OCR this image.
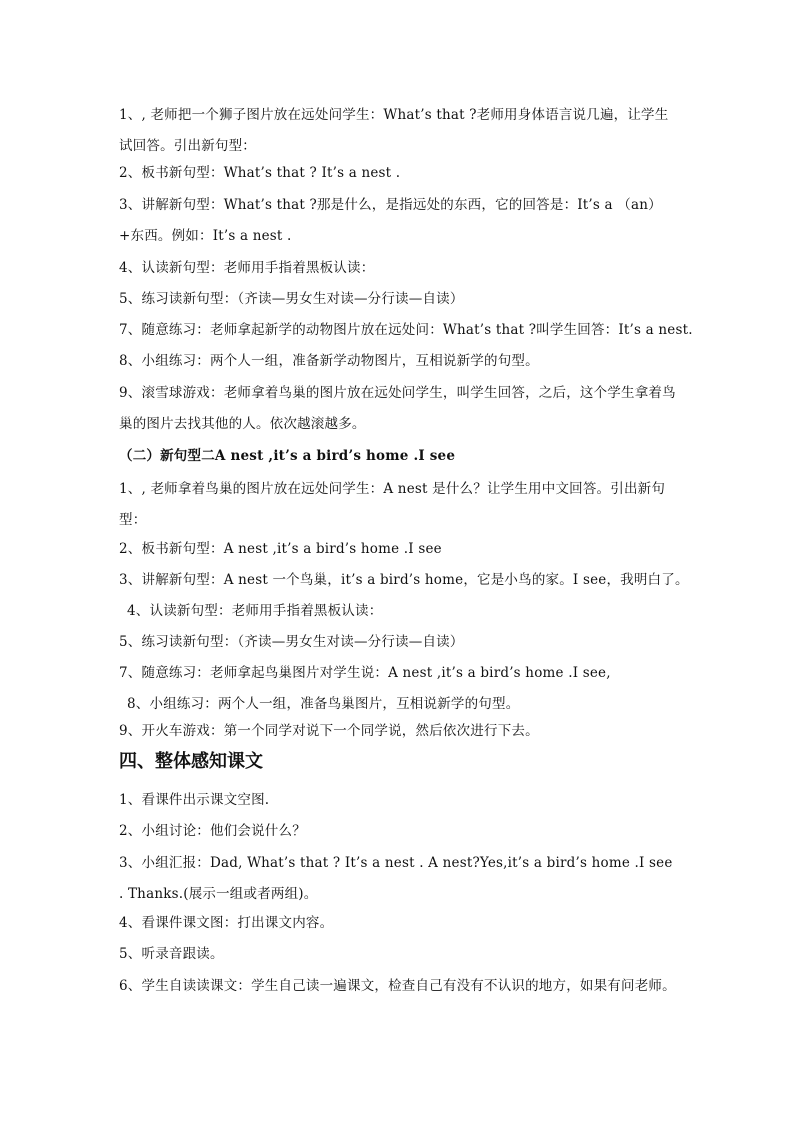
1、, 老师把一个狮子图片放在远处问学生：What’s that ?老师用身体语言说几遍，让学生试回答。引出新句型：
2、板书新句型：What’s that ? It’s a nest .
3、讲解新句型：What’s that ?那是什么，是指远处的东西，它的回答是：It’s a （an）+东西。例如：It’s a nest .
4、认读新句型：老师用手指着黑板认读：
5、练习读新句型：（齐读—男女生对读—分行读—自读）
7、随意练习：老师拿起新学的动物图片放在远处问：What’s that ?叫学生回答：It’s a nest.
8、小组练习：两个人一组，准备新学动物图片，互相说新学的句型。
9、滚雪球游戏：老师拿着鸟巢的图片放在远处问学生，叫学生回答，之后，这个学生拿着鸟巢的图片去找其他的人。依次越滚越多。
（二）新句型二A nest ,it’s a bird’s home .I see
1、, 老师拿着鸟巢的图片放在远处问学生：A nest 是什么？让学生用中文回答。引出新句型：
2、板书新句型：A nest ,it’s a bird’s home .I see
3、讲解新句型：A nest 一个鸟巢，it’s a bird’s home，它是小鸟的家。I see，我明白了。
4、认读新句型：老师用手指着黑板认读：
5、练习读新句型：（齐读—男女生对读—分行读—自读）
7、随意练习：老师拿起鸟巢图片对学生说：A nest ,it’s a bird’s home .I see,
8、小组练习：两个人一组，准备鸟巢图片，互相说新学的句型。
9、开火车游戏：第一个同学对说下一个同学说，然后依次进行下去。
四、整体感知课文
1、看课件出示课文空图.
2、小组讨论：他们会说什么？
3、小组汇报：Dad, What’s that ? It’s a nest . A nest?Yes,it’s a bird’s home .I see . Thanks.(展示一组或者两组)。
4、看课件课文图：打出课文内容。
5、听录音跟读。
6、学生自读读课文：学生自己读一遍课文，检查自己有没有不认识的地方，如果有问老师。
